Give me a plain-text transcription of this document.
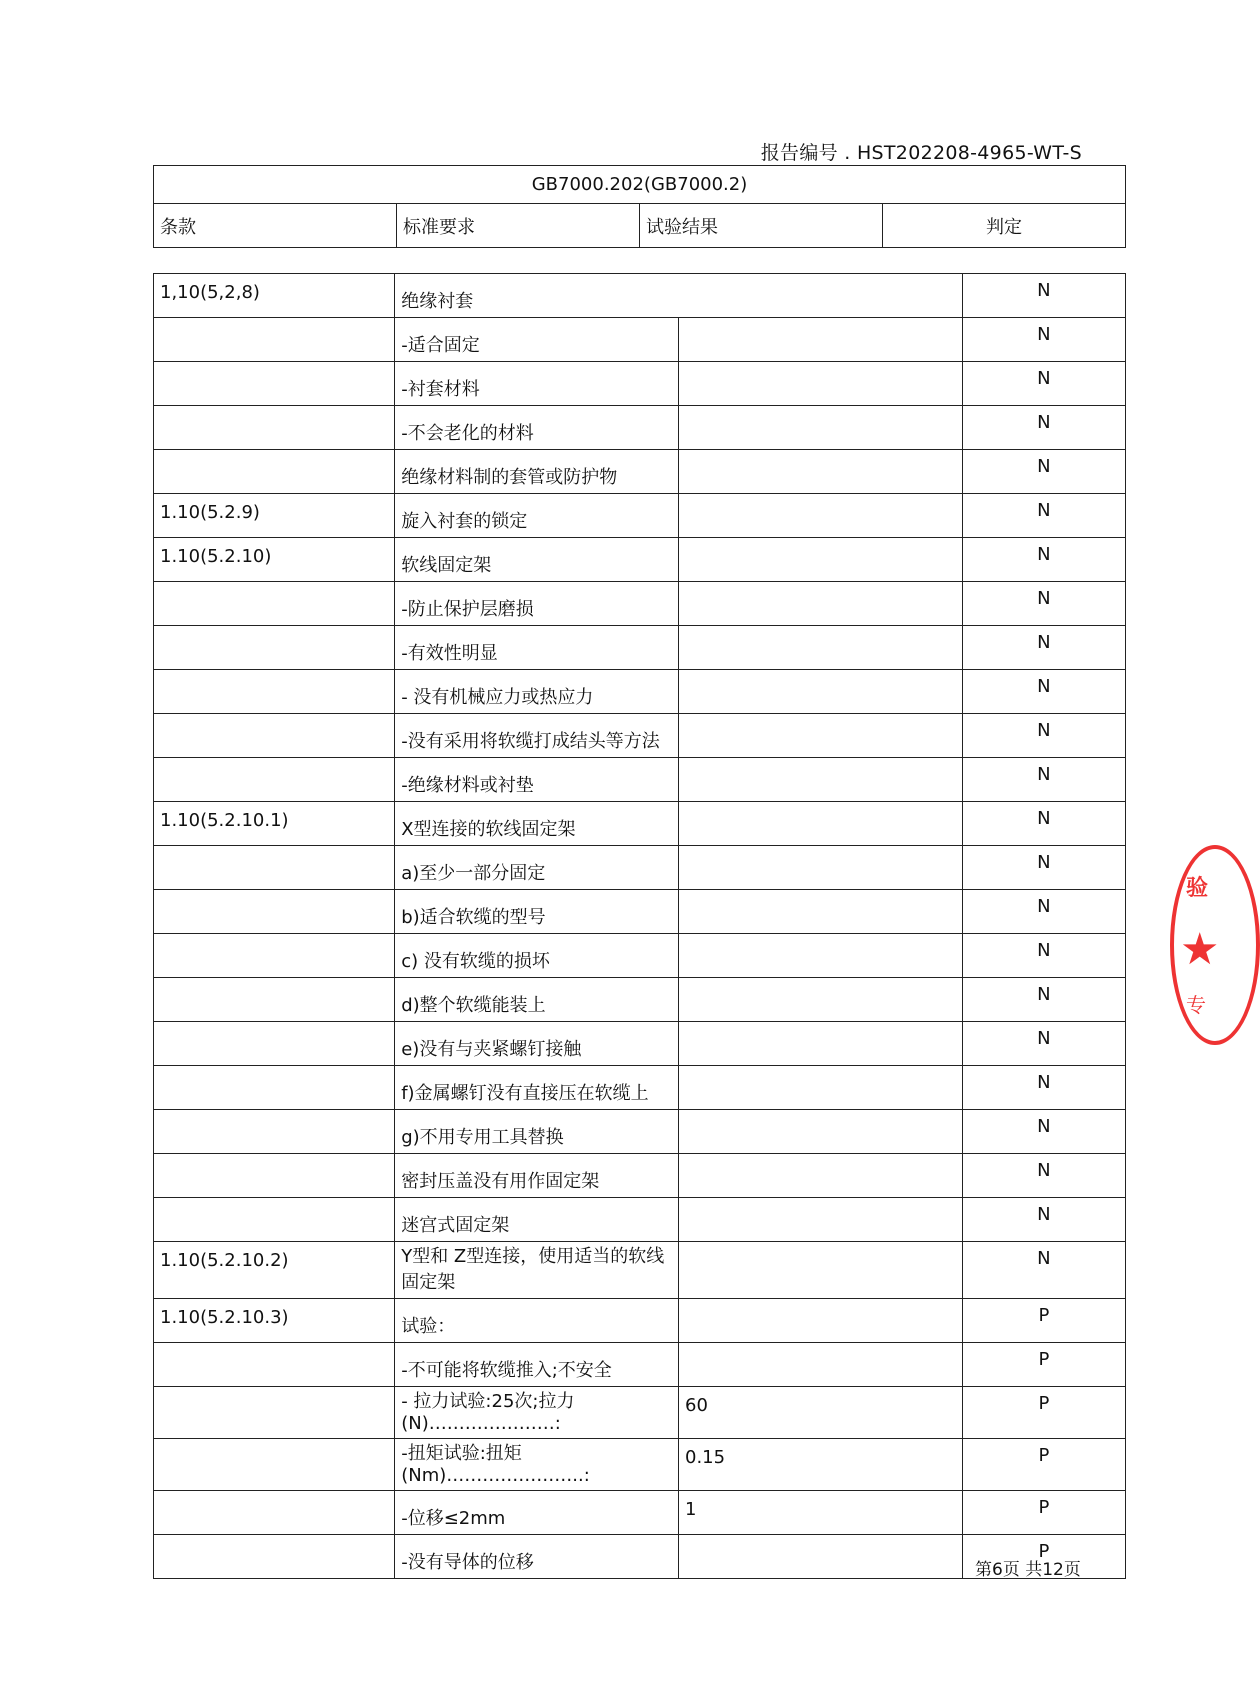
报告编号 . HST202208-4965-WT-S
GB7000.202(GB7000.2)
条款	标准要求	试验结果	判定
1,10(5,2,8)	绝缘衬套		N
	-适合固定		N
	-衬套材料		N
	-不会老化的材料		N
	绝缘材料制的套管或防护物		N
1.10(5.2.9)	旋入衬套的锁定		N
1.10(5.2.10)	软线固定架		N
	-防止保护层磨损		N
	-有效性明显		N
	- 没有机械应力或热应力		N
	-没有采用将软缆打成结头等方法		N
	-绝缘材料或衬垫		N
1.10(5.2.10.1)	X型连接的软线固定架		N
	a)至少一部分固定		N
	b)适合软缆的型号		N
	c) 没有软缆的损坏		N
	d)整个软缆能装上		N
	e)没有与夹紧螺钉接触		N
	f)金属螺钉没有直接压在软缆上		N
	g)不用专用工具替换		N
	密封压盖没有用作固定架		N
	迷宫式固定架		N
1.10(5.2.10.2)	Y型和 Z型连接，使用适当的软线固定架		N
1.10(5.2.10.3)	试验：		P
	-不可能将软缆推入;不安全		P
	- 拉力试验:25次;拉力(N)…………………:	60	P
	-扭矩试验:扭矩 (Nm)…………………..:	0.15	P
	-位移≤2mm	1	P
	-没有导体的位移		P
第6页 共12页
验
★
专
